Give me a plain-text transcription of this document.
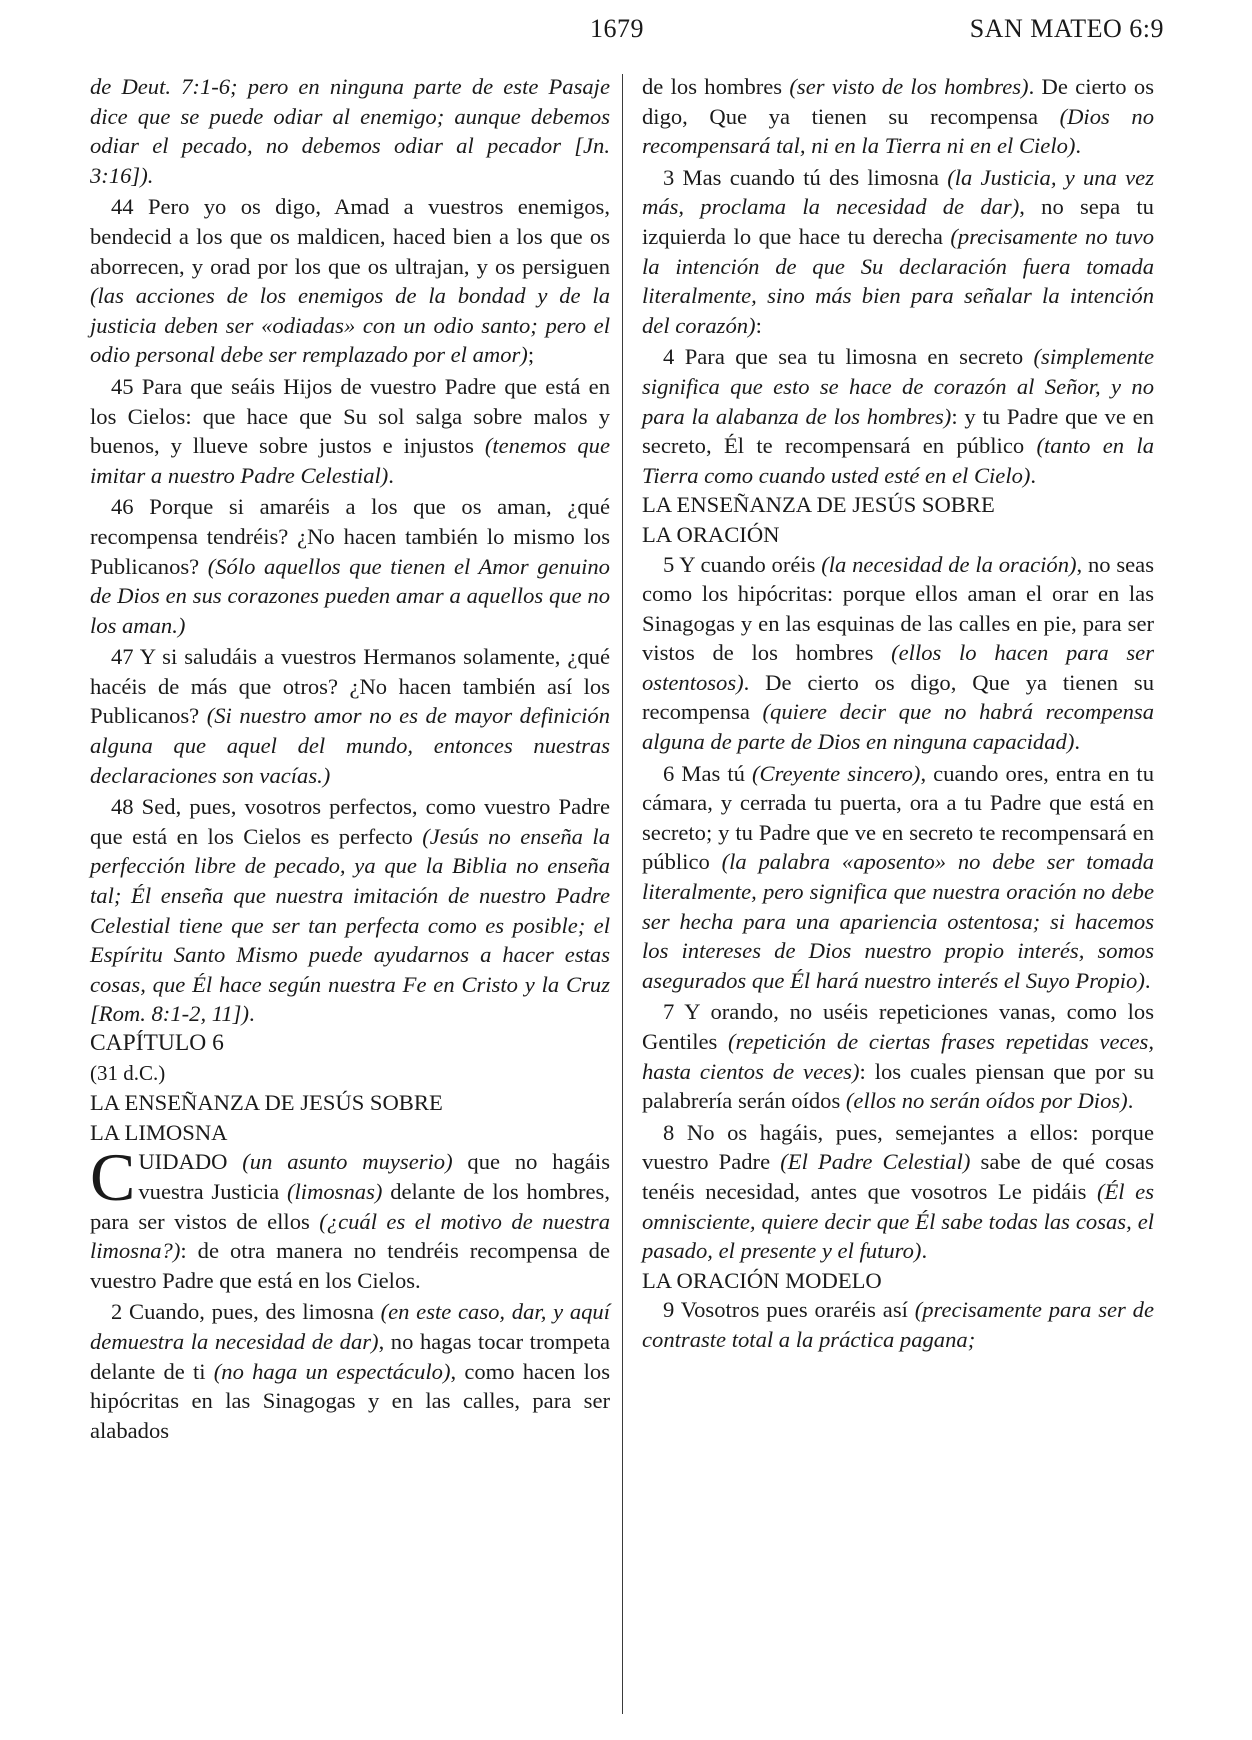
1679	SAN MATEO 6:9

de Deut. 7:1-6; pero en ninguna parte de este Pasaje dice que se puede odiar al enemigo; aunque debemos odiar el pecado, no debemos odiar al pecador [Jn. 3:16]).

44 Pero yo os digo, Amad a vuestros enemigos, bendecid a los que os maldicen, haced bien a los que os aborrecen, y orad por los que os ultrajan, y os persiguen (las acciones de los enemigos de la bondad y de la justicia deben ser «odiadas» con un odio santo; pero el odio personal debe ser remplazado por el amor);

45 Para que seáis Hijos de vuestro Padre que está en los Cielos: que hace que Su sol salga sobre malos y buenos, y llueve sobre justos e injustos (tenemos que imitar a nuestro Padre Celestial).

46 Porque si amaréis a los que os aman, ¿qué recompensa tendréis? ¿No hacen también lo mismo los Publicanos? (Sólo aquellos que tienen el Amor genuino de Dios en sus corazones pueden amar a aquellos que no los aman.)

47 Y si saludáis a vuestros Hermanos solamente, ¿qué hacéis de más que otros? ¿No hacen también así los Publicanos? (Si nuestro amor no es de mayor definición alguna que aquel del mundo, entonces nuestras declaraciones son vacías.)

48 Sed, pues, vosotros perfectos, como vuestro Padre que está en los Cielos es perfecto (Jesús no enseña la perfección libre de pecado, ya que la Biblia no enseña tal; Él enseña que nuestra imitación de nuestro Padre Celestial tiene que ser tan perfecta como es posible; el Espíritu Santo Mismo puede ayudarnos a hacer estas cosas, que Él hace según nuestra Fe en Cristo y la Cruz [Rom. 8:1-2, 11]).

CAPÍTULO 6

(31 d.C.)

LA ENSEÑANZA DE JESÚS SOBRE

LA LIMOSNA

CUIDADO (un asunto muyserio) que no hagáis vuestra Justicia (limosnas) delante de los hombres, para ser vistos de ellos (¿cuál es el motivo de nuestra limosna?): de otra manera no tendréis recompensa de vuestro Padre que está en los Cielos.

2 Cuando, pues, des limosna (en este caso, dar, y aquí demuestra la necesidad de dar), no hagas tocar trompeta delante de ti (no haga un espectáculo), como hacen los hipócritas en las Sinagogas y en las calles, para ser alabados

de los hombres (ser visto de los hombres). De cierto os digo, Que ya tienen su recompensa (Dios no recompensará tal, ni en la Tierra ni en el Cielo).

3 Mas cuando tú des limosna (la Justicia, y una vez más, proclama la necesidad de dar), no sepa tu izquierda lo que hace tu derecha (precisamente no tuvo la intención de que Su declaración fuera tomada literalmente, sino más bien para señalar la intención del corazón):

4 Para que sea tu limosna en secreto (simplemente significa que esto se hace de corazón al Señor, y no para la alabanza de los hombres): y tu Padre que ve en secreto, Él te recompensará en público (tanto en la Tierra como cuando usted esté en el Cielo).

LA ENSEÑANZA DE JESÚS SOBRE

LA ORACIÓN

5 Y cuando oréis (la necesidad de la oración), no seas como los hipócritas: porque ellos aman el orar en las Sinagogas y en las esquinas de las calles en pie, para ser vistos de los hombres (ellos lo hacen para ser ostentosos). De cierto os digo, Que ya tienen su recompensa (quiere decir que no habrá recompensa alguna de parte de Dios en ninguna capacidad).

6 Mas tú (Creyente sincero), cuando ores, entra en tu cámara, y cerrada tu puerta, ora a tu Padre que está en secreto; y tu Padre que ve en secreto te recompensará en público (la palabra «aposento» no debe ser tomada literalmente, pero significa que nuestra oración no debe ser hecha para una apariencia ostentosa; si hacemos los intereses de Dios nuestro propio interés, somos asegurados que Él hará nuestro interés el Suyo Propio).

7 Y orando, no uséis repeticiones vanas, como los Gentiles (repetición de ciertas frases repetidas veces, hasta cientos de veces): los cuales piensan que por su palabrería serán oídos (ellos no serán oídos por Dios).

8 No os hagáis, pues, semejantes a ellos: porque vuestro Padre (El Padre Celestial) sabe de qué cosas tenéis necesidad, antes que vosotros Le pidáis (Él es omnisciente, quiere decir que Él sabe todas las cosas, el pasado, el presente y el futuro).

LA ORACIÓN MODELO

9 Vosotros pues oraréis así (precisamente para ser de contraste total a la práctica pagana;
